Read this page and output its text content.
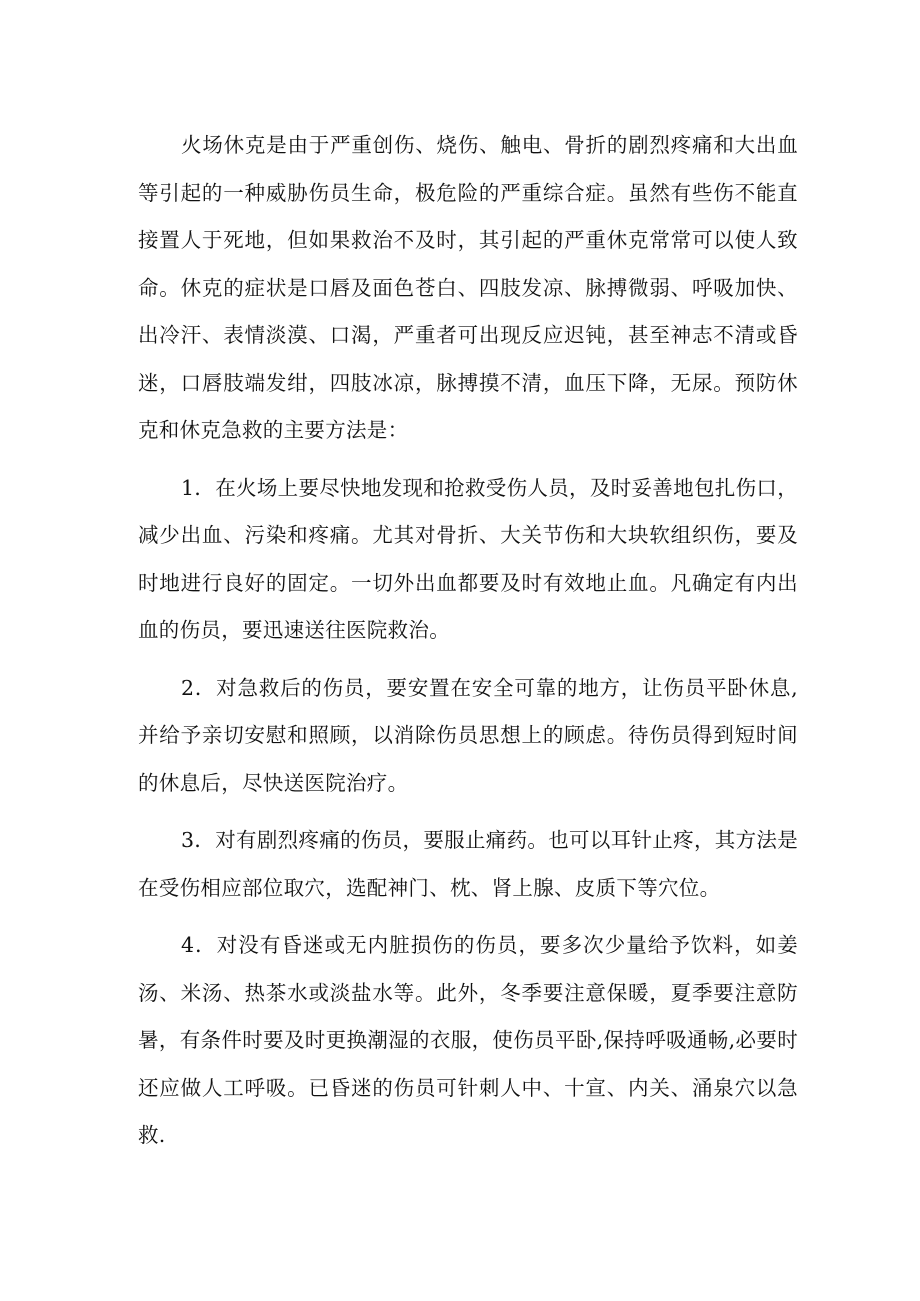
火场休克是由于严重创伤、烧伤、触电、骨折的剧烈疼痛和大出血等引起的一种威胁伤员生命，极危险的严重综合症。虽然有些伤不能直接置人于死地，但如果救治不及时，其引起的严重休克常常可以使人致命。休克的症状是口唇及面色苍白、四肢发凉、脉搏微弱、呼吸加快、出冷汗、表情淡漠、口渴，严重者可出现反应迟钝，甚至神志不清或昏迷，口唇肢端发绀，四肢冰凉，脉搏摸不清，血压下降，无尿。预防休克和休克急救的主要方法是：

1．在火场上要尽快地发现和抢救受伤人员，及时妥善地包扎伤口，减少出血、污染和疼痛。尤其对骨折、大关节伤和大块软组织伤，要及时地进行良好的固定。一切外出血都要及时有效地止血。凡确定有内出血的伤员，要迅速送往医院救治。

2．对急救后的伤员，要安置在安全可靠的地方，让伤员平卧休息,并给予亲切安慰和照顾，以消除伤员思想上的顾虑。待伤员得到短时间的休息后，尽快送医院治疗。

3．对有剧烈疼痛的伤员，要服止痛药。也可以耳针止疼，其方法是在受伤相应部位取穴，选配神门、枕、肾上腺、皮质下等穴位。

4．对没有昏迷或无内脏损伤的伤员，要多次少量给予饮料，如姜汤、米汤、热茶水或淡盐水等。此外，冬季要注意保暖，夏季要注意防暑，有条件时要及时更换潮湿的衣服，使伤员平卧,保持呼吸通畅,必要时还应做人工呼吸。已昏迷的伤员可针刺人中、十宣、内关、涌泉穴以急救.
